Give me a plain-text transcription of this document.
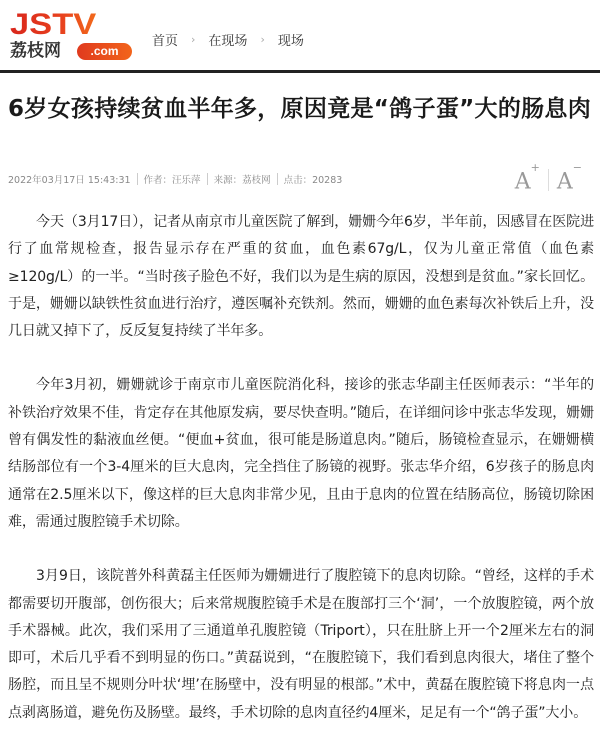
JSTV
荔枝网	.com
首页 › 在现场 › 现场
6岁女孩持续贫血半年多，原因竟是“鸽子蛋”大的肠息肉
2022年03月17日 15:43:31 作者：汪乐萍 来源：荔枝网 点击：20283	A+
A−

今天（3月17日），记者从南京市儿童医院了解到，姗姗今年6岁，半年前，因感冒在医院进行了血常规检查，报告显示存在严重的贫血，血色素67g/L，仅为儿童正常值（血色素≥120g/L）的一半。“当时孩子脸色不好，我们以为是生病的原因，没想到是贫血。”家长回忆。于是，姗姗以缺铁性贫血进行治疗，遵医嘱补充铁剂。然而，姗姗的血色素每次补铁后上升，没几日就又掉下了，反反复复持续了半年多。

今年3月初，姗姗就诊于南京市儿童医院消化科，接诊的张志华副主任医师表示：“半年的补铁治疗效果不佳，肯定存在其他原发病，要尽快查明。”随后，在详细问诊中张志华发现，姗姗曾有偶发性的黏液血丝便。“便血+贫血，很可能是肠道息肉。”随后，肠镜检查显示，在姗姗横结肠部位有一个3-4厘米的巨大息肉，完全挡住了肠镜的视野。张志华介绍，6岁孩子的肠息肉通常在2.5厘米以下，像这样的巨大息肉非常少见，且由于息肉的位置在结肠高位，肠镜切除困难，需通过腹腔镜手术切除。

3月9日，该院普外科黄磊主任医师为姗姗进行了腹腔镜下的息肉切除。“曾经，这样的手术都需要切开腹部，创伤很大；后来常规腹腔镜手术是在腹部打三个‘洞’，一个放腹腔镜，两个放手术器械。此次，我们采用了三通道单孔腹腔镜（Triport），只在肚脐上开一个2厘米左右的洞即可，术后几乎看不到明显的伤口。”黄磊说到，“在腹腔镜下，我们看到息肉很大，堵住了整个肠腔，而且呈不规则分叶状‘埋’在肠壁中，没有明显的根部。”术中，黄磊在腹腔镜下将息肉一点点剥离肠道，避免伤及肠壁。最终，手术切除的息肉直径约4厘米，足足有一个“鸽子蛋”大小。
